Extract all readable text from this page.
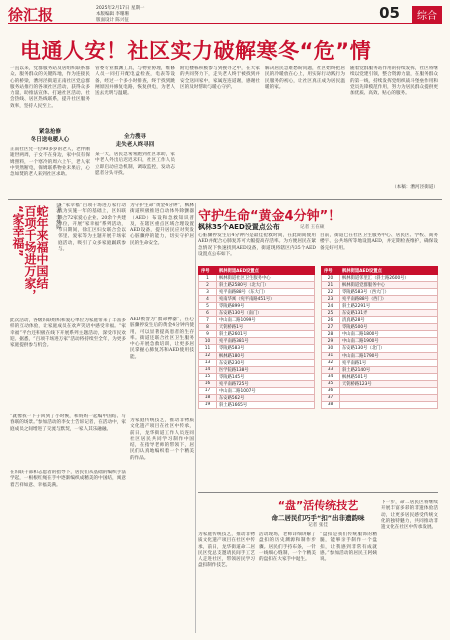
徐汇报	2025年2月17日 星期一
本版编辑 李珊珊
版面设计 陈兴征	05	综合
电通人安！社区实力破解寒冬“危”情
一直以来，党群服务站及居组织联系群众、服务群众的关键阵地，作为连接民心的桥梁，漕河泾街道正南社区党总群服务站推行的各项社区活动，获得众多力量，助推法宣体、打通社区活动、社会热线、居区热线联系，提升社区服务效率，坚持人民至上。
紧急抢修
冬日送电暖人心
正南社区凭一位90多岁的老人，老伴刚逝世两周，子女不在身边，家中仅有保姆照料，一个寒冷的周六上午，老人家中突然断电，保姆联系物业未果后，心急如焚的老人来到社区求助。
管委专业救渊工具，与物业协理，维修人员一同打开配电盒检查，电表等设备，经过一个多小时排查，终于找到跳闸原因并修复电路，恢复供电，为老人送去光明与温暖。
全力搜寻
走失老人终寻回
某一天，居民急匆匆跑到社区求助，家中老人外出后迟迟未归，社区工作人员立即启动应急机制，调取监控，发动志愿者分头寻找。
附近楼栋积极参与到搜寻之中，在大家的共同努力下，走失老人终于被找到并安全送回家中，家属连连道谢，感谢社区的及时帮助与暖心守护。
解决居民急难愁盼问题，社区始终把居民的冷暖放在心上，用实际行动践行为民服务的初心，让社区真正成为居民温暖的家。
随着党群服务站作用的持续发挥，社区将继续以党建引领，整合资源力量，在服务群众的第一线，持续发挥党组织战斗堡垒作用和党员先锋模范作用，努力为居民群众提供更加优质、高效、贴心的服务。
（本稿：漕河泾街道）
“家幸福”
百项千场进万家，
蛇年来福中国结	记者 李梦婷
在“家幸福”百项千场进万家行动成为实施一年的基础上，区妇联联合72家爱心企业、20余个共建单位，开展“家幸福”系列活动，节日期间，徐汇区妇女联合会以邻里、爱家等为主题开展千场家庭活动，吸引了众多家庭踊跃参与。
为守护生命“黄金4分钟”，枫林街道积极推进自动体外除颤器（AED）布设和急救知识普及，在辖区重点区域合理设置AED设备，提升居民应对突发心脏骤停的能力，切实守护居民的生命安全。
AED被誉为“救命神器”，在心脏骤停发生后的黄金4分钟内使用，可以显著提高患者的生存率。街道还联合社区卫生服务中心开展急救培训，让更多居民掌握心肺复苏和AED使用技能。
此次活动，各级妇联组织和爱心单位为家庭带来了丰富多样的互动体验，让家庭成员在欢声笑语中感受幸福。“家幸福”平台还积极在线下开展系列主题活动，深受市民欢迎。据悉，“百项千场进万家”活动将持续至全年，为更多家庭提供参与机会。
“就像我一下子回到了小时候，和妈妈一起编中国结、写春联的场景。”参加活动的李女士告诉记者，在活动中，家庭成员之间增进了交流与默契，一家人其乐融融。
在妇联干部和志愿者的指导下，居民们从基础的编织手法学起，一根根红绳在手中逐渐编织成精美的中国结，寓意着吉祥如意、幸福美满。
为家庭传统技艺，推动非物质文化遗产项目在社区中传承，前日，龙华街道工作人员连同社区居民共同学习制作中国结，在指导老师的带领下，居民们认真地编织着一个个精美的作品。
守护生命“黄金4分钟”！
枫林35个AED设置点公布	记者 王在硕
心脏骤停发生后4分钟内是最佳抢救时间，在此期间使用AED并配合心肺复苏可大幅提高存活率。为方便居民在紧急情况下快速找到AED设备，街道现将辖区内35个AED设置点公布如下。
目前，街道已在社区卫生服务中心、居民区、学校、商务楼宇、公共场所等地设置AED，并定期检查维护，确保设备完好可用。
序号	枫林街道AED设置点
1	枫林街道社区卫生服务中心
2	斜土路2580号（北大门）
3	宛平南路88号（东大门）
4	宛南华寓（宛平南路451号）
5	零陵路899号
6	东安路130号（南门）
7	中山南二路1099号
8	天钥桥路1号
9	斜土路2601号
10	宛平南路381号
11	零陵路583号
12	枫林路180号
13	东安路230号
14	医学院路138号
15	零陵路145号
16	宛平南路725号
17	中山南二路1007号
18	东安路562号
19	斜土路1665号
序号	枫林街道AED设置点
20	枫林街道邻里汇（斜土路2600号）
21	枫林街道党群服务中心
22	零陵路583号（西大门）
23	宛平南路88号（西门）
24	斜土路2291号
25	东安路131弄
26	清真路28号
27	零陵路500号
28	中山南二路1800号
29	中山南二路1900号
30	东安路130号（北门）
31	中山南二路1790号
32	宛平南路1号
33	斜土路2140号
34	枫林路501号
35	天钥桥路123号
36	
37	
38	
“盘”活传统技艺
命二居民们巧手“扣”出非遗韵味
记者 张佳
为家庭传统技艺，推动非物质文化遗产项目在社区中传承，前日，龙华街道命二居民区党总支邀请民间手工艺人走进社区，带领居民学习盘扣制作技艺。
活动现场，老师详细讲解了盘扣的历史渊源和制作步骤。居民们手持布条，一针一线细心缝制，一个个精美的盘扣在大家手中诞生。
“盘扣是我们传统服饰的精髓，能够亲手制作一个盘扣，让我感到非常有成就感。”参加活动的居民王阿姨说。
下一步，命二居民区将继续开展丰富多彩的非遗体验活动，让更多居民感受传统文化的独特魅力，共同推动非遗文化在社区中传承发展。
